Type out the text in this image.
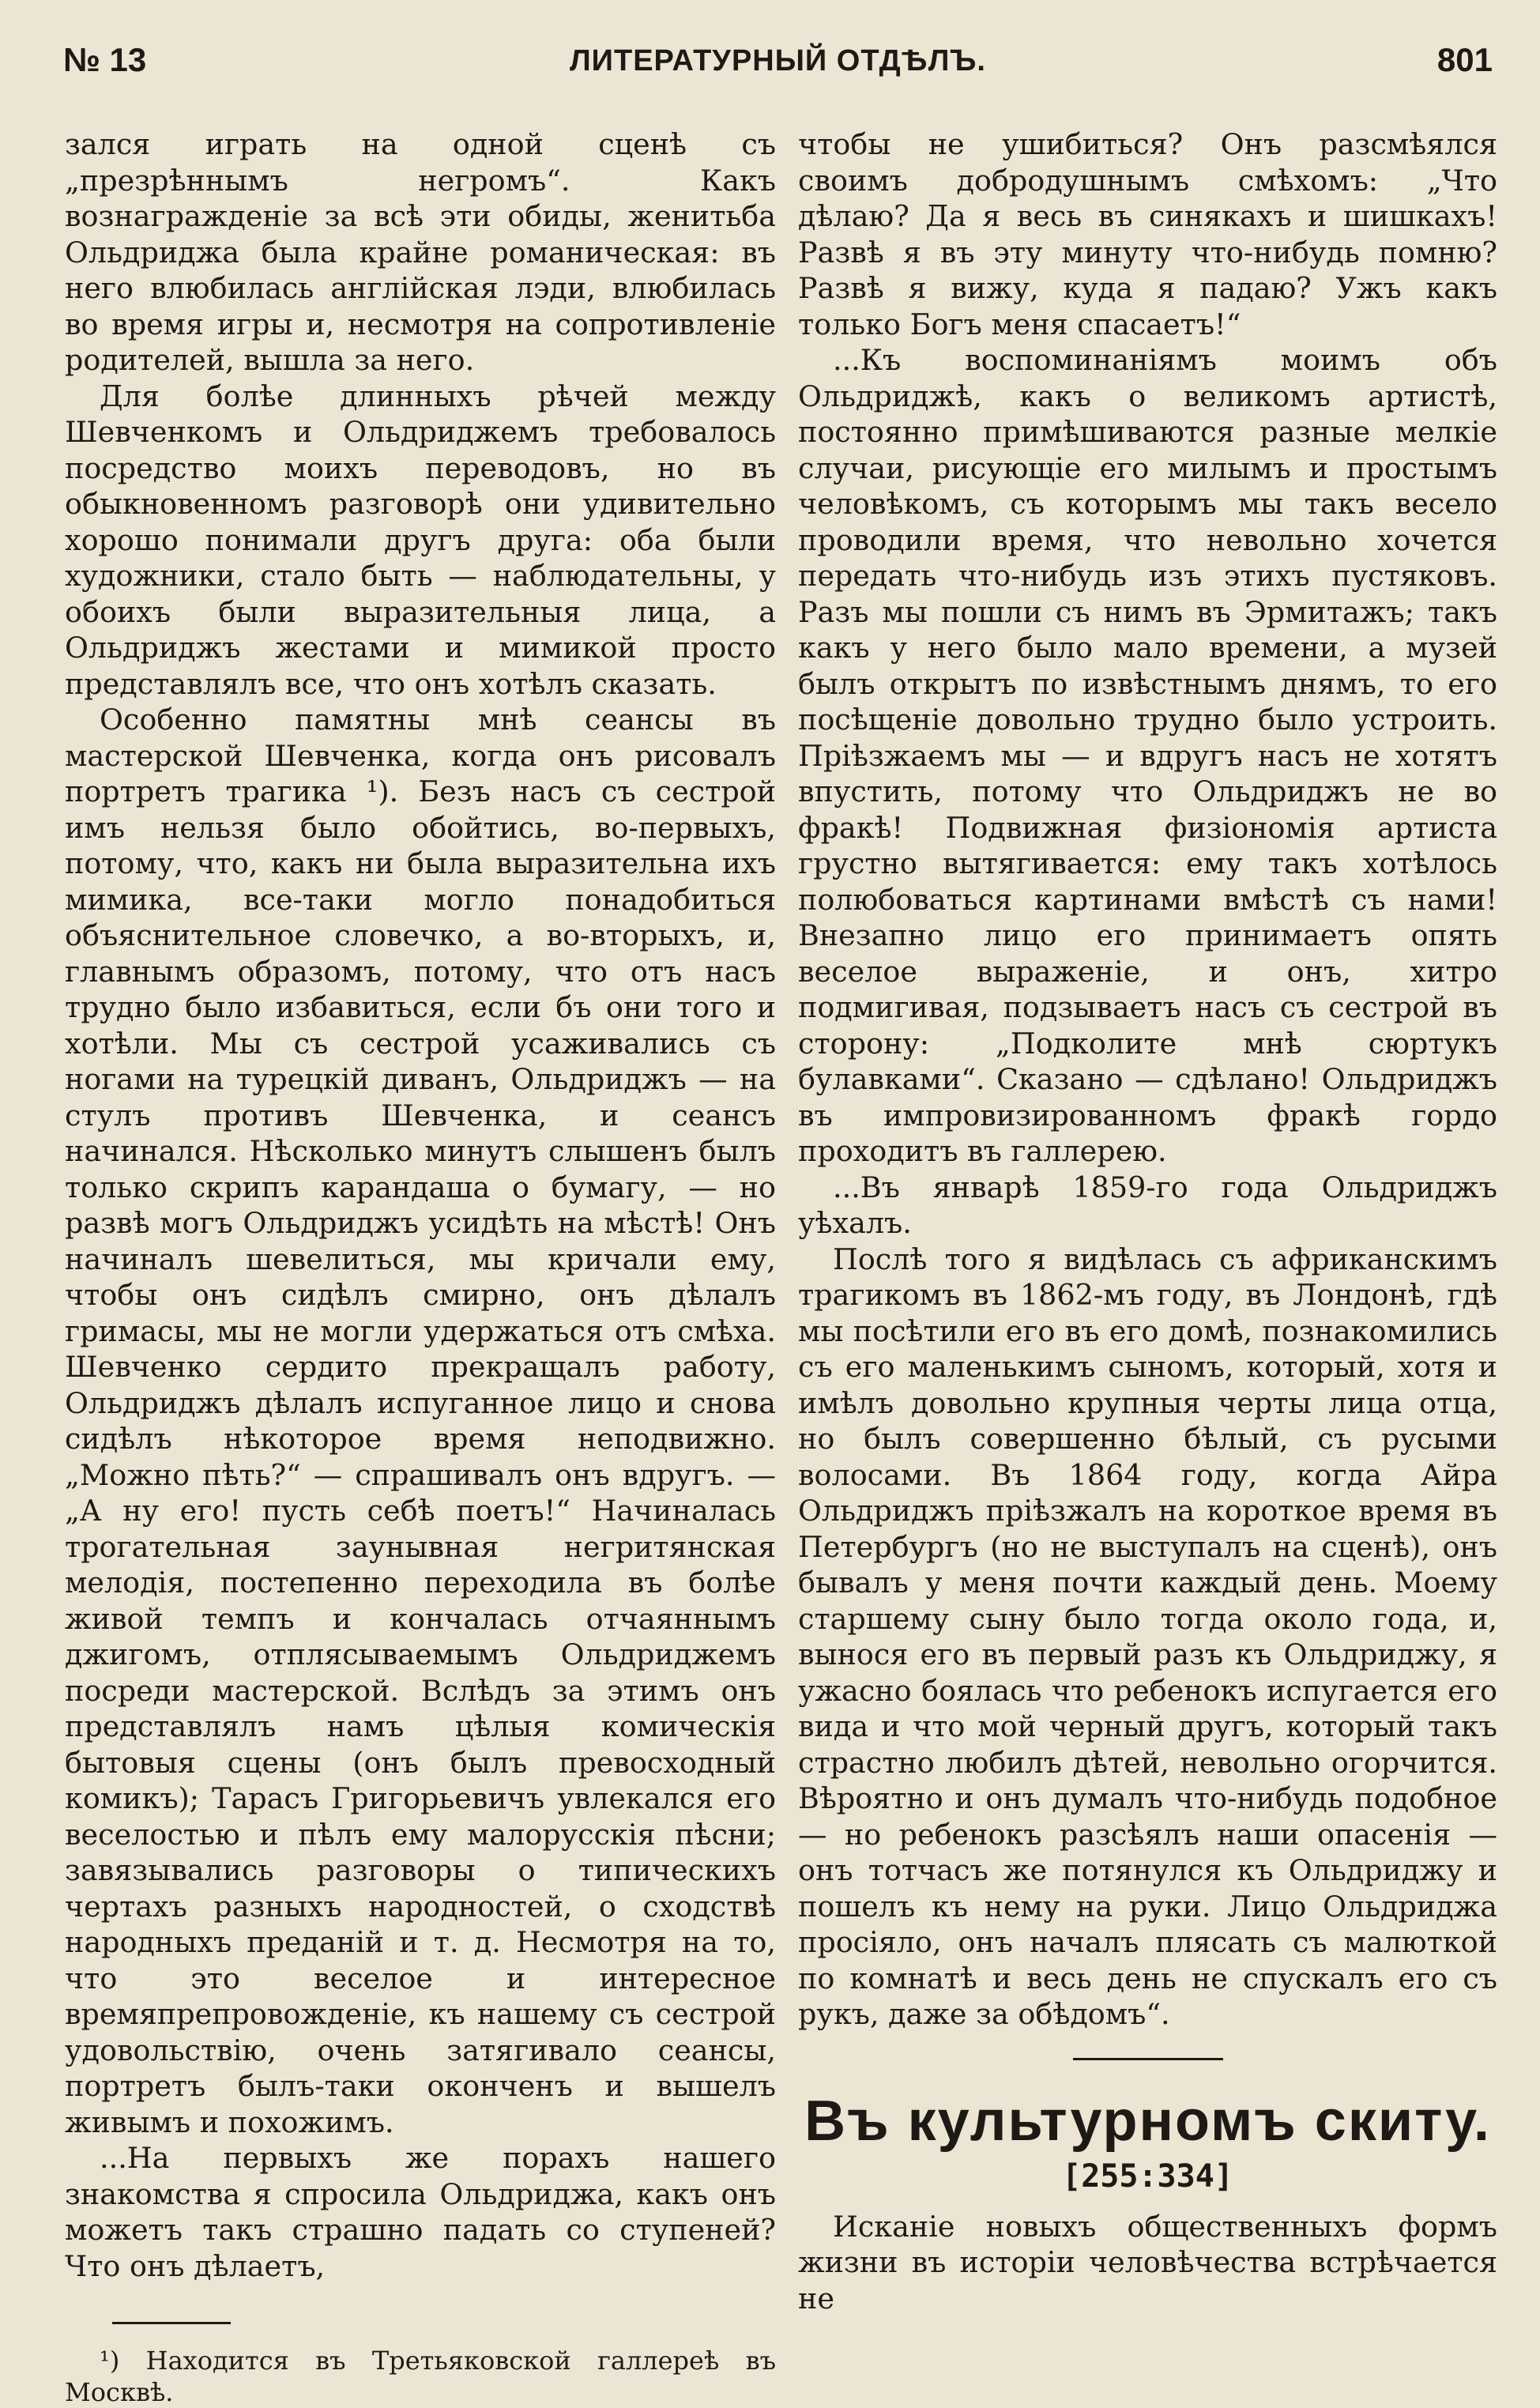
№ 13	ЛИТЕРАТУРНЫЙ ОТДѢЛЪ.	801

зался играть на одной сценѣ съ „презрѣннымъ негромъ“. Какъ вознагражденіе за всѣ эти обиды, женитьба Ольдриджа была крайне романическая: въ него влюбилась англійская лэди, влюбилась во время игры и, несмотря на сопротивленіе родителей, вышла за него.

Для болѣе длинныхъ рѣчей между Шевченкомъ и Ольдриджемъ требовалось посредство моихъ переводовъ, но въ обыкновенномъ разговорѣ они удивительно хорошо понимали другъ друга: оба были художники, стало быть — наблюдательны, у обоихъ были выразительныя лица, а Ольдриджъ жестами и мимикой просто представлялъ все, что онъ хотѣлъ сказать.

Особенно памятны мнѣ сеансы въ мастерской Шевченка, когда онъ рисовалъ портретъ трагика ¹). Безъ насъ съ сестрой имъ нельзя было обойтись, во-первыхъ, потому, что, какъ ни была выразительна ихъ мимика, все-таки могло понадобиться объяснительное словечко, а во-вторыхъ, и, главнымъ образомъ, потому, что отъ насъ трудно было избавиться, если бъ они того и хотѣли. Мы съ сестрой усаживались съ ногами на турецкій диванъ, Ольдриджъ — на стулъ противъ Шевченка, и сеансъ начинался. Нѣсколько минутъ слышенъ былъ только скрипъ карандаша о бумагу, — но развѣ могъ Ольдриджъ усидѣть на мѣстѣ! Онъ начиналъ шевелиться, мы кричали ему, чтобы онъ сидѣлъ смирно, онъ дѣлалъ гримасы, мы не могли удержаться отъ смѣха. Шевченко сердито прекращалъ работу, Ольдриджъ дѣлалъ испуганное лицо и снова сидѣлъ нѣкоторое время неподвижно. „Можно пѣть?“ — спрашивалъ онъ вдругъ. — „А ну его! пусть себѣ поетъ!“ Начиналась трогательная заунывная негритянская мелодія, постепенно переходила въ болѣе живой темпъ и кончалась отчаяннымъ джигомъ, отплясываемымъ Ольдриджемъ посреди мастерской. Вслѣдъ за этимъ онъ представлялъ намъ цѣлыя комическія бытовыя сцены (онъ былъ превосходный комикъ); Тарасъ Григорьевичъ увлекался его веселостью и пѣлъ ему малорусскія пѣсни; завязывались разговоры о типическихъ чертахъ разныхъ народностей, о сходствѣ народныхъ преданій и т. д. Несмотря на то, что это веселое и интересное времяпрепровожденіе, къ нашему съ сестрой удовольствію, очень затягивало сеансы, портретъ былъ-таки оконченъ и вышелъ живымъ и похожимъ.

...На первыхъ же порахъ нашего знакомства я спросила Ольдриджа, какъ онъ можетъ такъ страшно падать со ступеней? Что онъ дѣлаетъ,

¹) Находится въ Третьяковской галлереѣ въ Москвѣ.

чтобы не ушибиться? Онъ разсмѣялся своимъ добродушнымъ смѣхомъ: „Что дѣлаю? Да я весь въ синякахъ и шишкахъ! Развѣ я въ эту минуту что-нибудь помню? Развѣ я вижу, куда я падаю? Ужъ какъ только Богъ меня спасаетъ!“

...Къ воспоминаніямъ моимъ объ Ольдриджѣ, какъ о великомъ артистѣ, постоянно примѣшиваются разные мелкіе случаи, рисующіе его милымъ и простымъ человѣкомъ, съ которымъ мы такъ весело проводили время, что невольно хочется передать что-нибудь изъ этихъ пустяковъ. Разъ мы пошли съ нимъ въ Эрмитажъ; такъ какъ у него было мало времени, а музей былъ открытъ по извѣстнымъ днямъ, то его посѣщеніе довольно трудно было устроить. Пріѣзжаемъ мы — и вдругъ насъ не хотятъ впустить, потому что Ольдриджъ не во фракѣ! Подвижная физіономія артиста грустно вытягивается: ему такъ хотѣлось полюбоваться картинами вмѣстѣ съ нами! Внезапно лицо его принимаетъ опять веселое выраженіе, и онъ, хитро подмигивая, подзываетъ насъ съ сестрой въ сторону: „Подколите мнѣ сюртукъ булавками“. Сказано — сдѣлано! Ольдриджъ въ импровизированномъ фракѣ гордо проходитъ въ галлерею.

...Въ январѣ 1859-го года Ольдриджъ уѣхалъ.

Послѣ того я видѣлась съ африканскимъ трагикомъ въ 1862-мъ году, въ Лондонѣ, гдѣ мы посѣтили его въ его домѣ, познакомились съ его маленькимъ сыномъ, который, хотя и имѣлъ довольно крупныя черты лица отца, но былъ совершенно бѣлый, съ русыми волосами. Въ 1864 году, когда Айра Ольдриджъ пріѣзжалъ на короткое время въ Петербургъ (но не выступалъ на сценѣ), онъ бывалъ у меня почти каждый день. Моему старшему сыну было тогда около года, и, вынося его въ первый разъ къ Ольдриджу, я ужасно боялась что ребенокъ испугается его вида и что мой черный другъ, который такъ страстно любилъ дѣтей, невольно огорчится. Вѣроятно и онъ думалъ что-нибудь подобное — но ребенокъ разсѣялъ наши опасенія — онъ тотчасъ же потянулся къ Ольдриджу и пошелъ къ нему на руки. Лицо Ольдриджа просіяло, онъ началъ плясать съ малюткой по комнатѣ и весь день не спускалъ его съ рукъ, даже за обѣдомъ“.

Въ культурномъ скиту.
[255:334]

Исканіе новыхъ общественныхъ формъ жизни въ исторіи человѣчества встрѣчается не
